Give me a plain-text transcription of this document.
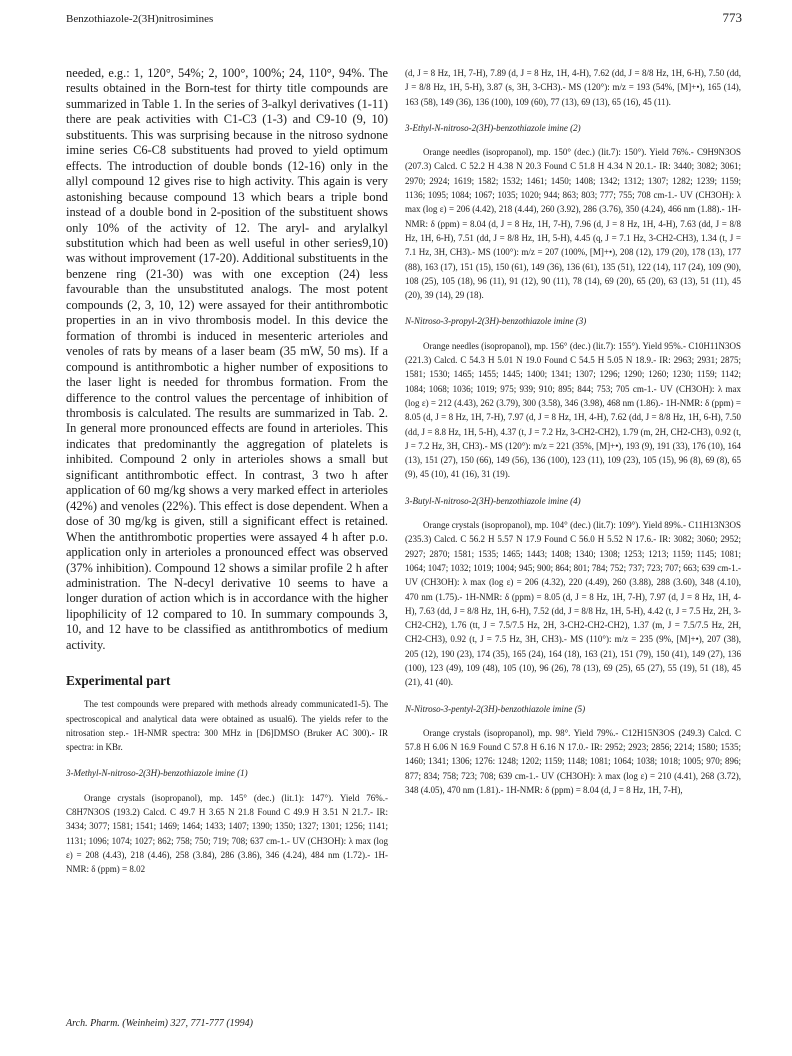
Benzothiazole-2(3H)nitrosimines	773

needed, e.g.: 1, 120°, 54%; 2, 100°, 100%; 24, 110°, 94%. The results obtained in the Born-test for thirty title compounds are summarized in Table 1. In the series of 3-alkyl derivatives (1-11) there are peak activities with C1-C3 (1-3) and C9-10 (9, 10) substituents. This was surprising because in the nitroso sydnone imine series C6-C8 substituents had proved to yield optimum effects. The introduction of double bonds (12-16) only in the allyl compound 12 gives rise to high activity. This again is very astonishing because compound 13 which bears a triple bond instead of a double bond in 2-position of the substituent shows only 10% of the activity of 12. The aryl- and arylalkyl substitution which had been as well useful in other series9,10) was without improvement (17-20). Additional substituents in the benzene ring (21-30) was with one exception (24) less favourable than the unsubstituted analogs. The most potent compounds (2, 3, 10, 12) were assayed for their antithrombotic properties in an in vivo thrombosis model. In this device the formation of thrombi is induced in mesenteric arterioles and venoles of rats by means of a laser beam (35 mW, 50 ms). If a compound is antithrombotic a higher number of expositions to the laser light is needed for thrombus formation. From the difference to the control values the percentage of inhibition of thrombosis is calculated. The results are summarized in Tab. 2. In general more pronounced effects are found in arterioles. This indicates that predominantly the aggregation of platelets is inhibited. Compound 2 only in arterioles shows a small but significant antithrombotic effect. In contrast, 3 two h after application of 60 mg/kg shows a very marked effect in arterioles (42%) and venoles (22%). This effect is dose dependent. When a dose of 30 mg/kg is given, still a significant effect is retained. When the antithrombotic properties were assayed 4 h after p.o. application only in arterioles a pronounced effect was observed (37% inhibition). Compound 12 shows a similar profile 2 h after administration. The N-decyl derivative 10 seems to have a longer duration of action which is in accordance with the higher lipophilicity of 12 compared to 10. In summary compounds 3, 10, and 12 have to be classified as antithrombotics of medium activity.

Experimental part

The test compounds were prepared with methods already communicated1-5). The spectroscopical and analytical data were obtained as usual6). The yields refer to the nitrosation step.- 1H-NMR spectra: 300 MHz in [D6]DMSO (Bruker AC 300).- IR spectra: in KBr.

3-Methyl-N-nitroso-2(3H)-benzothiazole imine (1)

Orange crystals (isopropanol), mp. 145° (dec.) (lit.1): 147°). Yield 76%.- C8H7N3OS (193.2) Calcd. C 49.7 H 3.65 N 21.8 Found C 49.9 H 3.51 N 21.7.- IR: 3434; 3077; 1581; 1541; 1469; 1464; 1433; 1407; 1390; 1350; 1327; 1301; 1256; 1141; 1131; 1096; 1074; 1027; 862; 758; 750; 719; 708; 637 cm-1.- UV (CH3OH): λ max (log ε) = 208 (4.43), 218 (4.46), 258 (3.84), 286 (3.86), 346 (4.24), 484 nm (1.72).- 1H-NMR: δ (ppm) = 8.02

(d, J = 8 Hz, 1H, 7-H), 7.89 (d, J = 8 Hz, 1H, 4-H), 7.62 (dd, J = 8/8 Hz, 1H, 6-H), 7.50 (dd, J = 8/8 Hz, 1H, 5-H), 3.87 (s, 3H, 3-CH3).- MS (120°): m/z = 193 (54%, [M]+•), 165 (14), 163 (58), 149 (36), 136 (100), 109 (60), 77 (13), 69 (13), 65 (16), 45 (11).

3-Ethyl-N-nitroso-2(3H)-benzothiazole imine (2)

Orange needles (isopropanol), mp. 150° (dec.) (lit.7): 150°). Yield 76%.- C9H9N3OS (207.3) Calcd. C 52.2 H 4.38 N 20.3 Found C 51.8 H 4.34 N 20.1.- IR: 3440; 3082; 3061; 2970; 2924; 1619; 1582; 1532; 1461; 1450; 1408; 1342; 1312; 1307; 1282; 1239; 1159; 1136; 1095; 1084; 1067; 1035; 1020; 944; 863; 803; 777; 755; 708 cm-1.- UV (CH3OH): λ max (log ε) = 206 (4.42), 218 (4.44), 260 (3.92), 286 (3.76), 350 (4.24), 466 nm (1.88).- 1H-NMR: δ (ppm) = 8.04 (d, J = 8 Hz, 1H, 7-H), 7.96 (d, J = 8 Hz, 1H, 4-H), 7.63 (dd, J = 8/8 Hz, 1H, 6-H), 7.51 (dd, J = 8/8 Hz, 1H, 5-H), 4.45 (q, J = 7.1 Hz, 3-CH2-CH3), 1.34 (t, J = 7.1 Hz, 3H, CH3).- MS (100°): m/z = 207 (100%, [M]+•), 208 (12), 179 (20), 178 (13), 177 (88), 163 (17), 151 (15), 150 (61), 149 (36), 136 (61), 135 (51), 122 (14), 117 (24), 109 (90), 108 (25), 105 (18), 96 (11), 91 (12), 90 (11), 78 (14), 69 (20), 65 (20), 63 (13), 51 (11), 45 (20), 39 (14), 29 (18).

N-Nitroso-3-propyl-2(3H)-benzothiazole imine (3)

Orange needles (isopropanol), mp. 156° (dec.) (lit.7): 155°). Yield 95%.- C10H11N3OS (221.3) Calcd. C 54.3 H 5.01 N 19.0 Found C 54.5 H 5.05 N 18.9.- IR: 2963; 2931; 2875; 1581; 1530; 1465; 1455; 1445; 1400; 1341; 1307; 1296; 1290; 1260; 1230; 1159; 1142; 1084; 1068; 1036; 1019; 975; 939; 910; 895; 844; 753; 705 cm-1.- UV (CH3OH): λ max (log ε) = 212 (4.43), 262 (3.79), 300 (3.58), 346 (3.98), 468 nm (1.86).- 1H-NMR: δ (ppm) = 8.05 (d, J = 8 Hz, 1H, 7-H), 7.97 (d, J = 8 Hz, 1H, 4-H), 7.62 (dd, J = 8/8 Hz, 1H, 6-H), 7.50 (dd, J = 8.8 Hz, 1H, 5-H), 4.37 (t, J = 7.2 Hz, 3-CH2-CH2), 1.79 (m, 2H, CH2-CH3), 0.92 (t, J = 7.2 Hz, 3H, CH3).- MS (120°): m/z = 221 (35%, [M]+•), 193 (9), 191 (33), 176 (10), 164 (13), 151 (27), 150 (66), 149 (56), 136 (100), 123 (11), 109 (23), 105 (15), 96 (8), 69 (8), 65 (9), 45 (10), 41 (16), 31 (19).

3-Butyl-N-nitroso-2(3H)-benzothiazole imine (4)

Orange crystals (isopropanol), mp. 104° (dec.) (lit.7): 109°). Yield 89%.- C11H13N3OS (235.3) Calcd. C 56.2 H 5.57 N 17.9 Found C 56.0 H 5.52 N 17.6.- IR: 3082; 3060; 2952; 2927; 2870; 1581; 1535; 1465; 1443; 1408; 1340; 1308; 1253; 1213; 1159; 1145; 1081; 1064; 1047; 1032; 1019; 1004; 945; 900; 864; 801; 784; 752; 737; 723; 707; 663; 639 cm-1.- UV (CH3OH): λ max (log ε) = 206 (4.32), 220 (4.49), 260 (3.88), 288 (3.60), 348 (4.10), 470 nm (1.75).- 1H-NMR: δ (ppm) = 8.05 (d, J = 8 Hz, 1H, 7-H), 7.97 (d, J = 8 Hz, 1H, 4-H), 7.63 (dd, J = 8/8 Hz, 1H, 6-H), 7.52 (dd, J = 8/8 Hz, 1H, 5-H), 4.42 (t, J = 7.5 Hz, 2H, 3-CH2-CH2), 1.76 (tt, J = 7.5/7.5 Hz, 2H, 3-CH2-CH2-CH2), 1.37 (m, J = 7.5/7.5 Hz, 2H, CH2-CH3), 0.92 (t, J = 7.5 Hz, 3H, CH3).- MS (110°): m/z = 235 (9%, [M]+•), 207 (38), 205 (12), 190 (23), 174 (35), 165 (24), 164 (18), 163 (21), 151 (79), 150 (41), 149 (27), 136 (100), 123 (49), 109 (48), 105 (10), 96 (26), 78 (13), 69 (25), 65 (27), 55 (19), 51 (18), 45 (21), 41 (40).

N-Nitroso-3-pentyl-2(3H)-benzothiazole imine (5)

Orange crystals (isopropanol), mp. 98°. Yield 79%.- C12H15N3OS (249.3) Calcd. C 57.8 H 6.06 N 16.9 Found C 57.8 H 6.16 N 17.0.- IR: 2952; 2923; 2856; 2214; 1580; 1535; 1460; 1341; 1306; 1276: 1248; 1202; 1159; 1148; 1081; 1064; 1038; 1018; 1005; 970; 896; 877; 834; 758; 723; 708; 639 cm-1.- UV (CH3OH): λ max (log ε) = 210 (4.41), 268 (3.72), 348 (4.05), 470 nm (1.81).- 1H-NMR: δ (ppm) = 8.04 (d, J = 8 Hz, 1H, 7-H),

Arch. Pharm. (Weinheim) 327, 771-777 (1994)
